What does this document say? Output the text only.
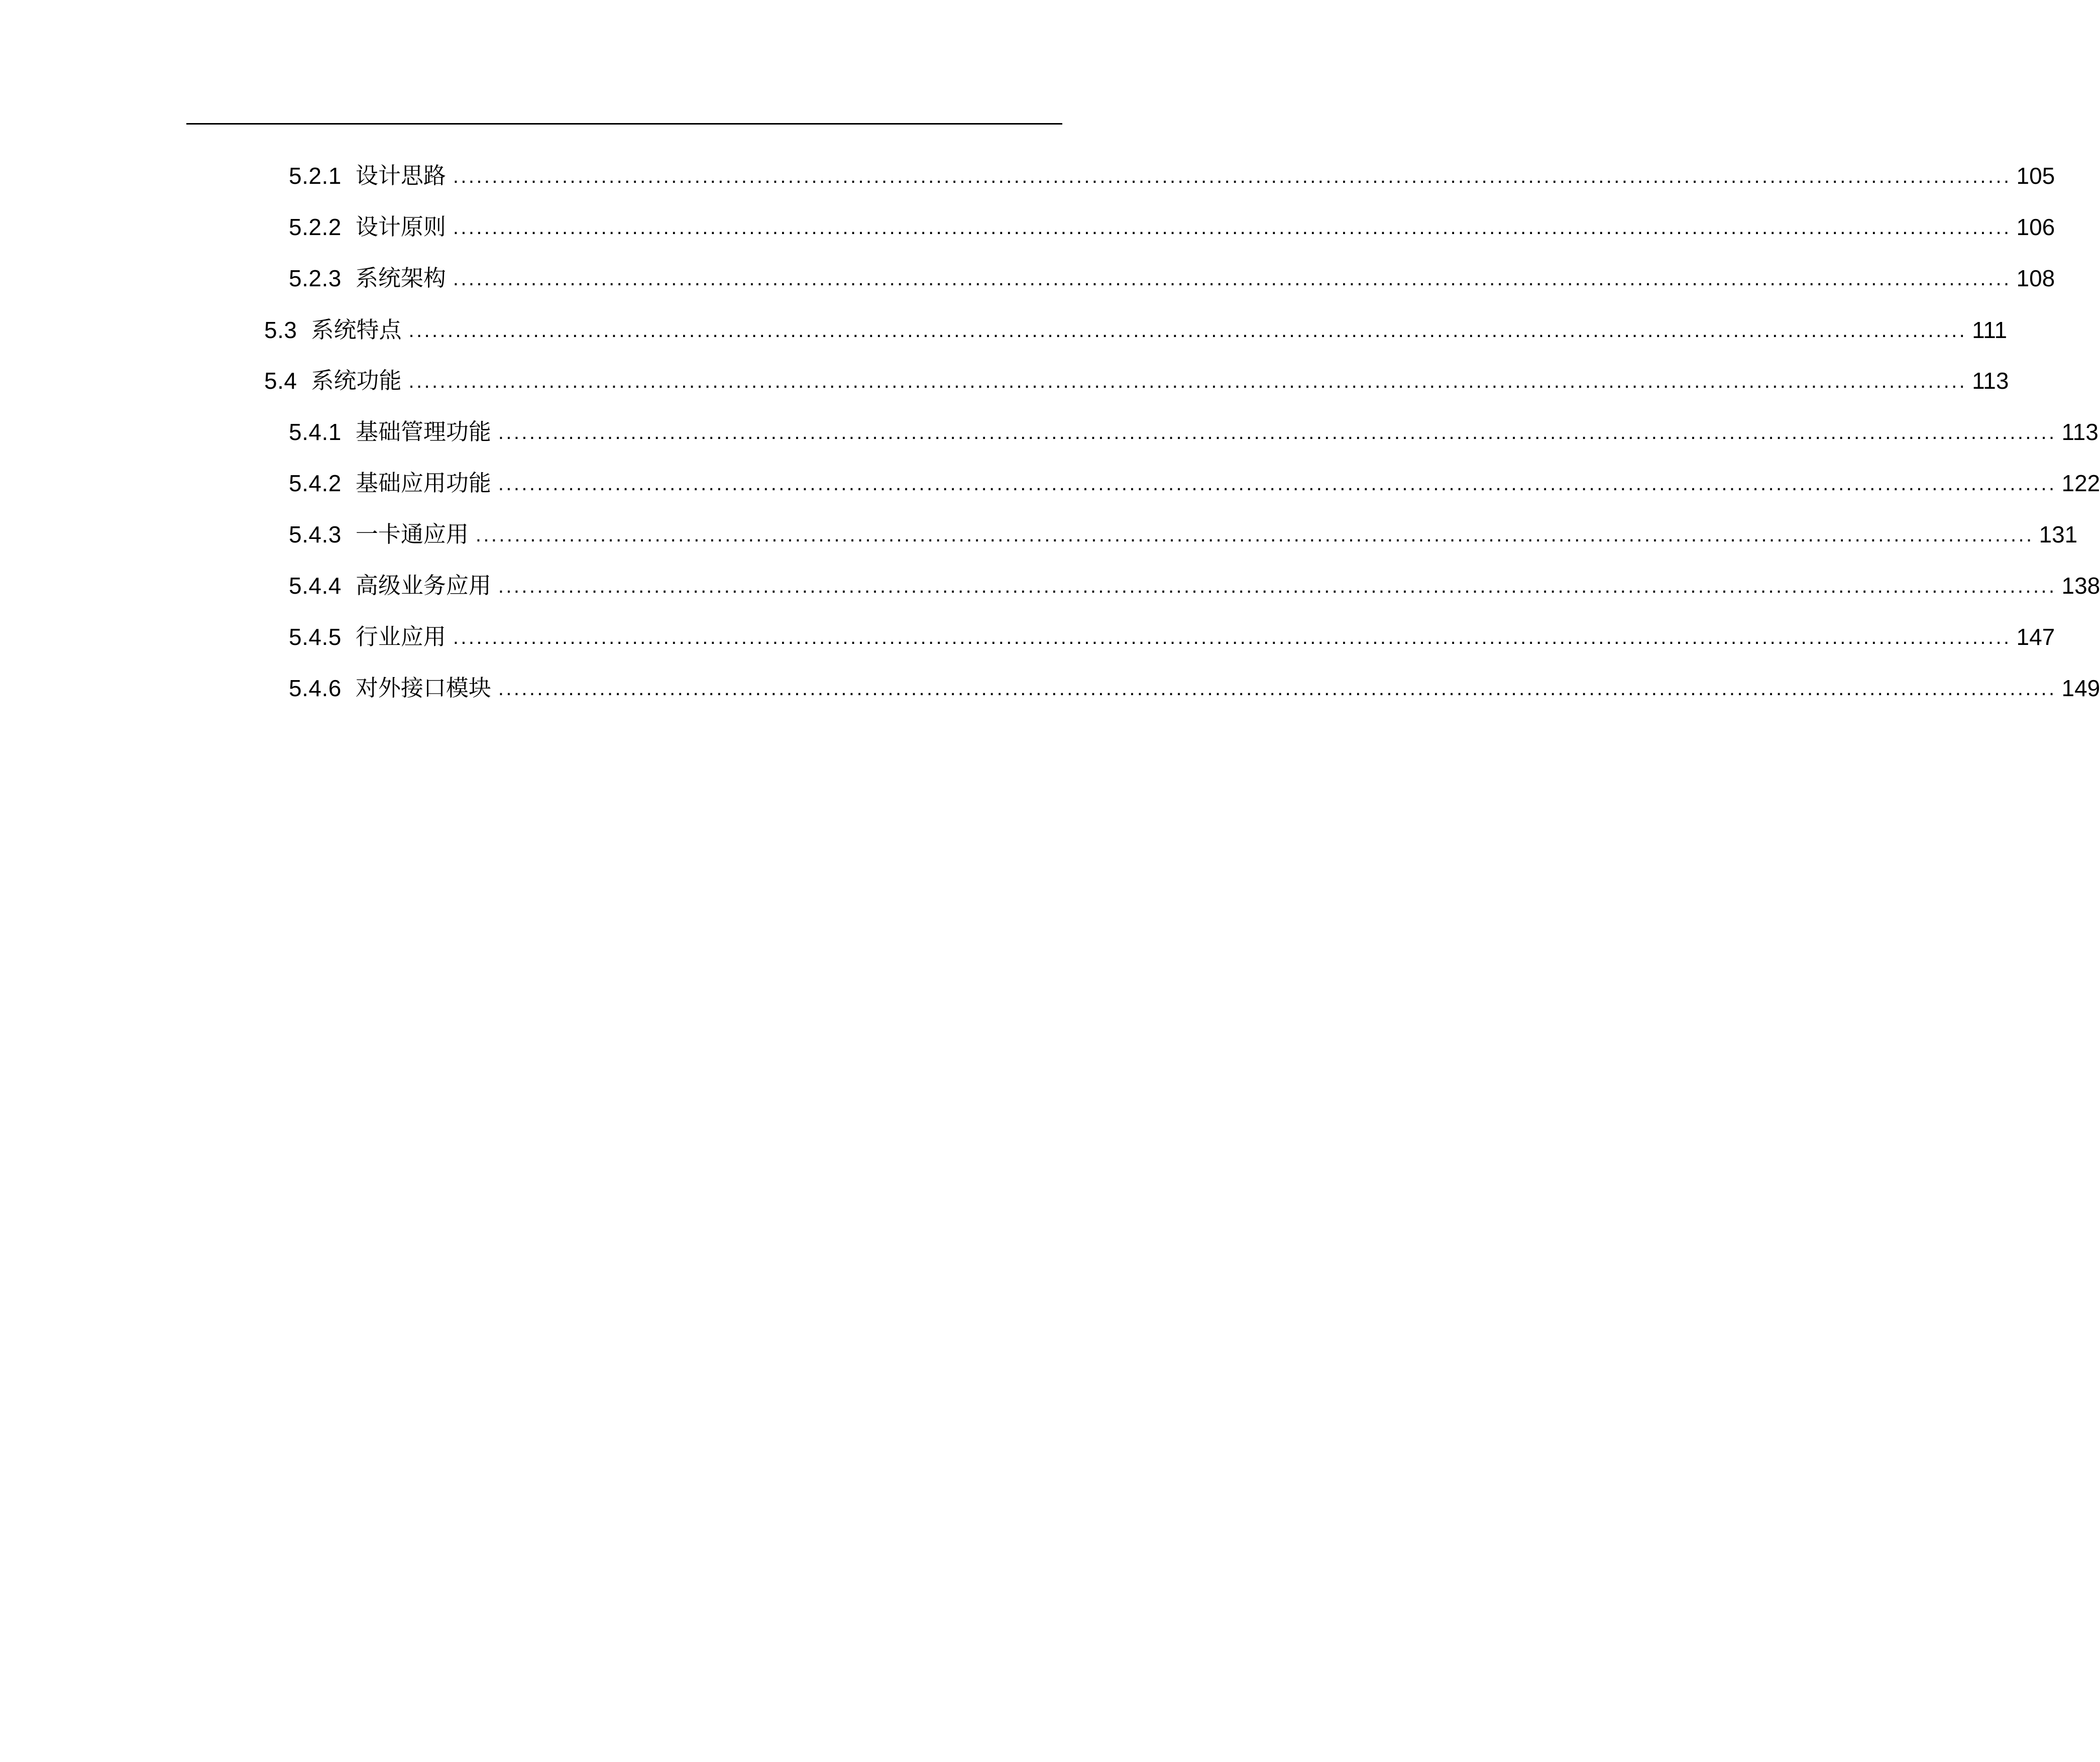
5.2.1 设计思路 ........................................................................................................................................................................................................ 105
5.2.2 设计原则 ........................................................................................................................................................................................................ 106
5.2.3 系统架构 ........................................................................................................................................................................................................ 108
5.3 系统特点 ........................................................................................................................................................................................................ 111
5.4 系统功能 ........................................................................................................................................................................................................ 113
5.4.1 基础管理功能 ........................................................................................................................................................................................................ 113
5.4.2 基础应用功能 ........................................................................................................................................................................................................ 122
5.4.3 一卡通应用 ........................................................................................................................................................................................................ 131
5.4.4 高级业务应用 ........................................................................................................................................................................................................ 138
5.4.5 行业应用 ........................................................................................................................................................................................................ 147
5.4.6 对外接口模块 ........................................................................................................................................................................................................ 149
